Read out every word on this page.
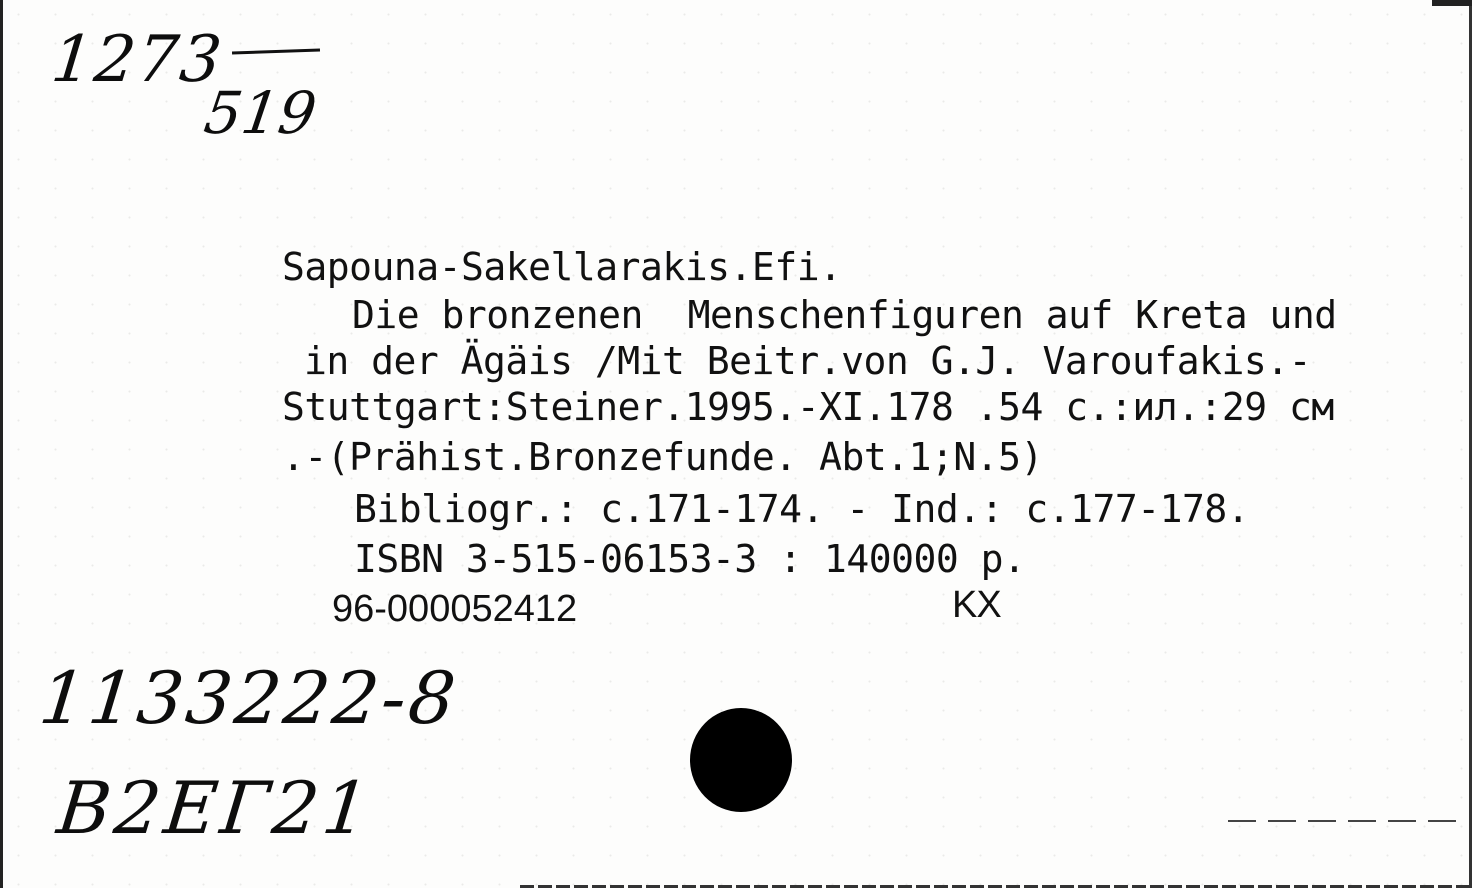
1273
519
Sapouna-Sakellarakis.Efi.
Die bronzenen  Menschenfiguren auf Kreta und
in der Ägäis /Mit Beitr.von G.J. Varoufakis.-
Stuttgart:Steiner.1995.-XI.178 .54 c.:ил.:29 см
.-(Prähist.Bronzefunde. Abt.1;N.5)
Bibliogr.: c.171-174. - Ind.: c.177-178.
ISBN 3-515-06153-3 : 140000 p.
96-000052412	KX
1133222-8
B2ЕГ21
